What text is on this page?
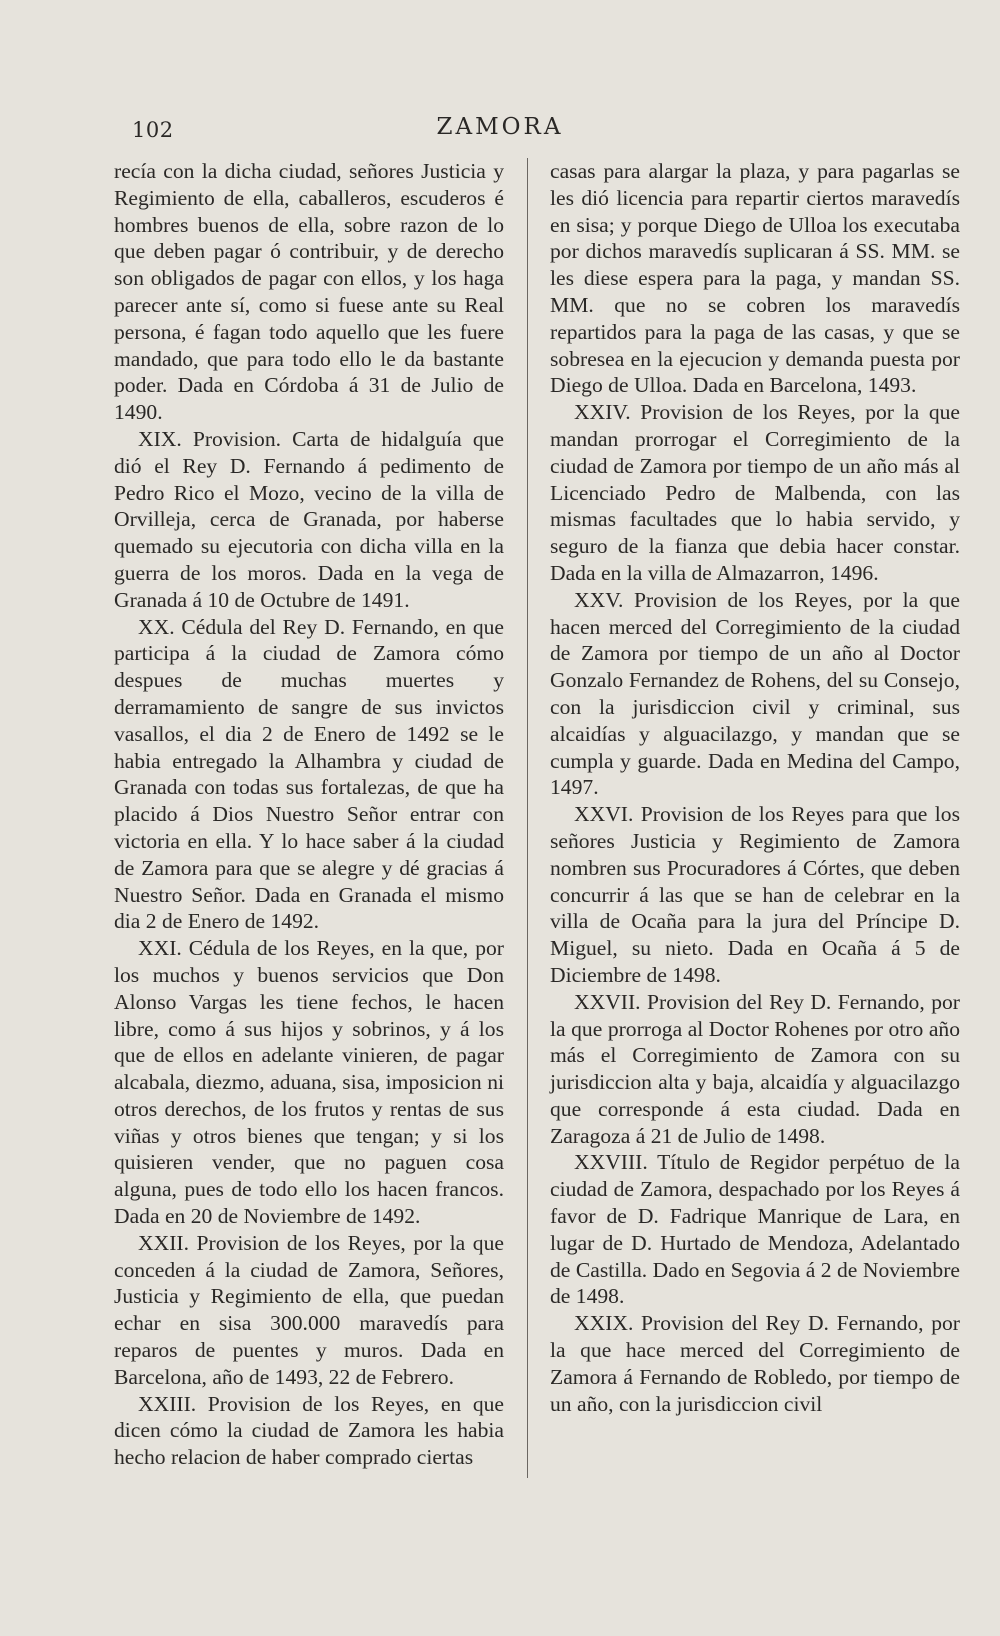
102	ZAMORA

recía con la dicha ciudad, señores Justicia y Regimiento de ella, caballeros, escuderos é hombres buenos de ella, sobre razon de lo que deben pagar ó contribuir, y de derecho son obligados de pagar con ellos, y los haga parecer ante sí, como si fuese ante su Real persona, é fagan todo aquello que les fuere mandado, que para todo ello le da bastante poder. Dada en Córdoba á 31 de Julio de 1490.

XIX. Provision. Carta de hidalguía que dió el Rey D. Fernando á pedimento de Pedro Rico el Mozo, vecino de la villa de Orvilleja, cerca de Granada, por haberse quemado su ejecutoria con dicha villa en la guerra de los moros. Dada en la vega de Granada á 10 de Octubre de 1491.

XX. Cédula del Rey D. Fernando, en que participa á la ciudad de Zamora cómo despues de muchas muertes y derramamiento de sangre de sus invictos vasallos, el dia 2 de Enero de 1492 se le habia entregado la Alhambra y ciudad de Granada con todas sus fortalezas, de que ha placido á Dios Nuestro Señor entrar con victoria en ella. Y lo hace saber á la ciudad de Zamora para que se alegre y dé gracias á Nuestro Señor. Dada en Granada el mismo dia 2 de Enero de 1492.

XXI. Cédula de los Reyes, en la que, por los muchos y buenos servicios que Don Alonso Vargas les tiene fechos, le hacen libre, como á sus hijos y sobrinos, y á los que de ellos en adelante vinieren, de pagar alcabala, diezmo, aduana, sisa, imposicion ni otros derechos, de los frutos y rentas de sus viñas y otros bienes que tengan; y si los quisieren vender, que no paguen cosa alguna, pues de todo ello los hacen francos. Dada en 20 de Noviembre de 1492.

XXII. Provision de los Reyes, por la que conceden á la ciudad de Zamora, Señores, Justicia y Regimiento de ella, que puedan echar en sisa 300.000 maravedís para reparos de puentes y muros. Dada en Barcelona, año de 1493, 22 de Febrero.

XXIII. Provision de los Reyes, en que dicen cómo la ciudad de Zamora les habia hecho relacion de haber comprado ciertas

casas para alargar la plaza, y para pagarlas se les dió licencia para repartir ciertos maravedís en sisa; y porque Diego de Ulloa los executaba por dichos maravedís suplicaran á SS. MM. se les diese espera para la paga, y mandan SS. MM. que no se cobren los maravedís repartidos para la paga de las casas, y que se sobresea en la ejecucion y demanda puesta por Diego de Ulloa. Dada en Barcelona, 1493.

XXIV. Provision de los Reyes, por la que mandan prorrogar el Corregimiento de la ciudad de Zamora por tiempo de un año más al Licenciado Pedro de Malbenda, con las mismas facultades que lo habia servido, y seguro de la fianza que debia hacer constar. Dada en la villa de Almazarron, 1496.

XXV. Provision de los Reyes, por la que hacen merced del Corregimiento de la ciudad de Zamora por tiempo de un año al Doctor Gonzalo Fernandez de Rohens, del su Consejo, con la jurisdiccion civil y criminal, sus alcaidías y alguacilazgo, y mandan que se cumpla y guarde. Dada en Medina del Campo, 1497.

XXVI. Provision de los Reyes para que los señores Justicia y Regimiento de Zamora nombren sus Procuradores á Córtes, que deben concurrir á las que se han de celebrar en la villa de Ocaña para la jura del Príncipe D. Miguel, su nieto. Dada en Ocaña á 5 de Diciembre de 1498.

XXVII. Provision del Rey D. Fernando, por la que prorroga al Doctor Rohenes por otro año más el Corregimiento de Zamora con su jurisdiccion alta y baja, alcaidía y alguacilazgo que corresponde á esta ciudad. Dada en Zaragoza á 21 de Julio de 1498.

XXVIII. Título de Regidor perpétuo de la ciudad de Zamora, despachado por los Reyes á favor de D. Fadrique Manrique de Lara, en lugar de D. Hurtado de Mendoza, Adelantado de Castilla. Dado en Segovia á 2 de Noviembre de 1498.

XXIX. Provision del Rey D. Fernando, por la que hace merced del Corregimiento de Zamora á Fernando de Robledo, por tiempo de un año, con la jurisdiccion civil
